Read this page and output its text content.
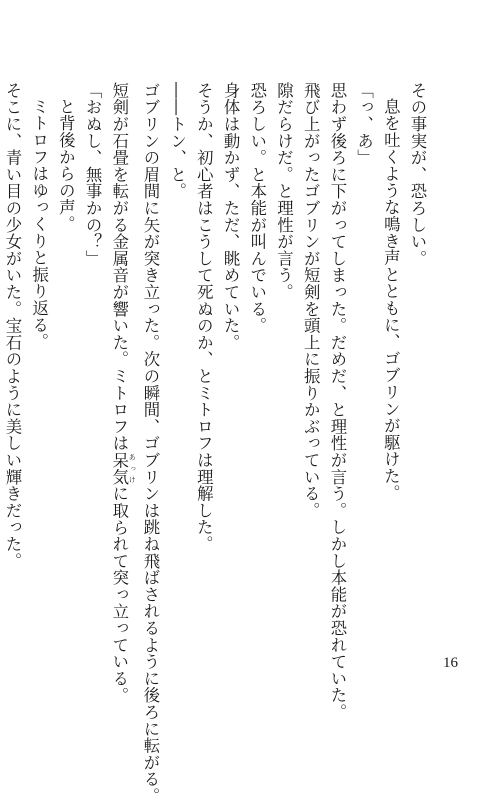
その事実が、恐ろしい。
息を吐くような鳴き声とともに、ゴブリンが駆けた。
「っ、あ」
思わず後ろに下がってしまった。だめだ、と理性が言う。しかし本能が恐れていた。
飛び上がったゴブリンが短剣を頭上に振りかぶっている。
隙だらけだ。と理性が言う。
恐ろしい。と本能が叫んでいる。
身体は動かず、ただ、眺めていた。
そうか、初心者はこうして死ぬのか、とミトロフは理解した。
――トン、と。
ゴブリンの眉間に矢が突き立った。次の瞬間、ゴブリンは跳ね飛ばされるように後ろに転がる。
短剣が石畳を転がる金属音が響いた。ミトロフは呆気 あっけに取られて突っ立っている。
「おぬし、無事かの？」
と背後からの声。
ミトロフはゆっくりと振り返る。
そこに、青い目の少女がいた。宝石のように美しい輝きだった。
16
